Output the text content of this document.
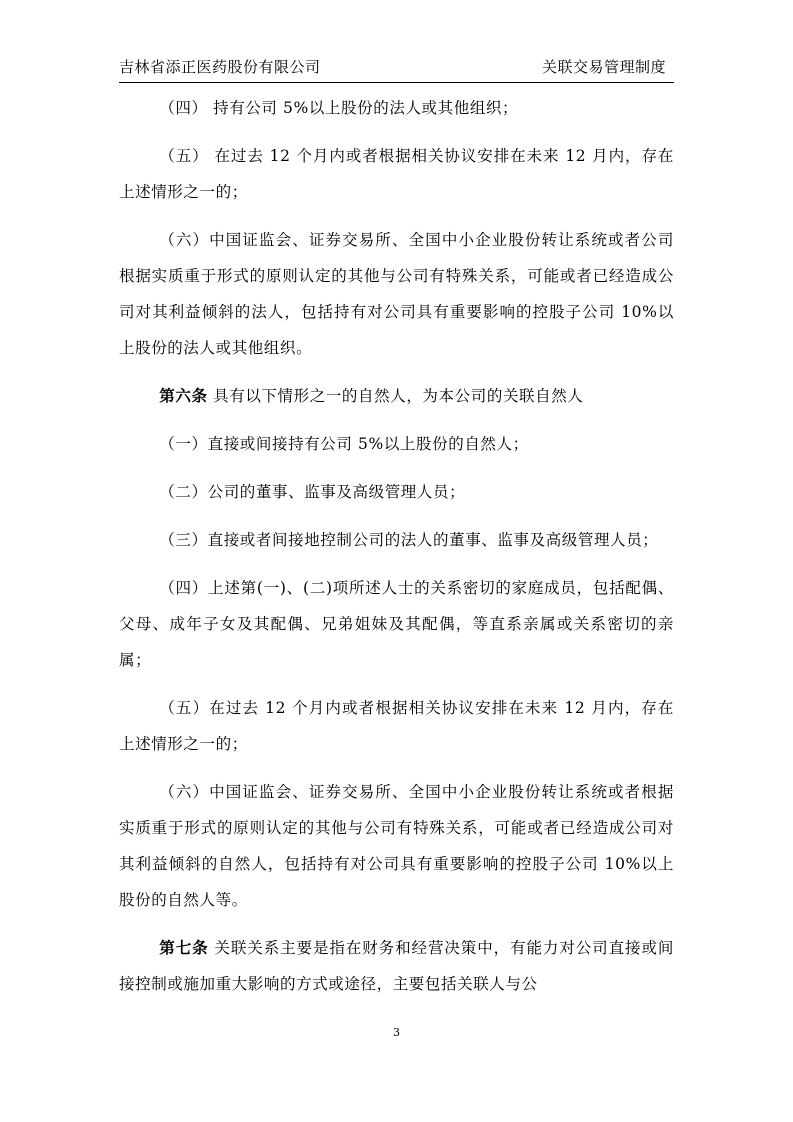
吉林省添正医药股份有限公司	关联交易管理制度

（四） 持有公司 5%以上股份的法人或其他组织；

（五） 在过去 12 个月内或者根据相关协议安排在未来 12 月内，存在上述情形之一的；

（六）中国证监会、证券交易所、全国中小企业股份转让系统或者公司根据实质重于形式的原则认定的其他与公司有特殊关系，可能或者已经造成公司对其利益倾斜的法人，包括持有对公司具有重要影响的控股子公司 10%以上股份的法人或其他组织。

第六条 具有以下情形之一的自然人，为本公司的关联自然人

（一）直接或间接持有公司 5%以上股份的自然人；

（二）公司的董事、监事及高级管理人员；

（三）直接或者间接地控制公司的法人的董事、监事及高级管理人员；

（四）上述第(一)、(二)项所述人士的关系密切的家庭成员，包括配偶、父母、成年子女及其配偶、兄弟姐妹及其配偶，等直系亲属或关系密切的亲属；

（五）在过去 12 个月内或者根据相关协议安排在未来 12 月内，存在上述情形之一的；

（六）中国证监会、证券交易所、全国中小企业股份转让系统或者根据实质重于形式的原则认定的其他与公司有特殊关系，可能或者已经造成公司对其利益倾斜的自然人，包括持有对公司具有重要影响的控股子公司 10%以上股份的自然人等。

第七条 关联关系主要是指在财务和经营决策中，有能力对公司直接或间接控制或施加重大影响的方式或途径，主要包括关联人与公

3
